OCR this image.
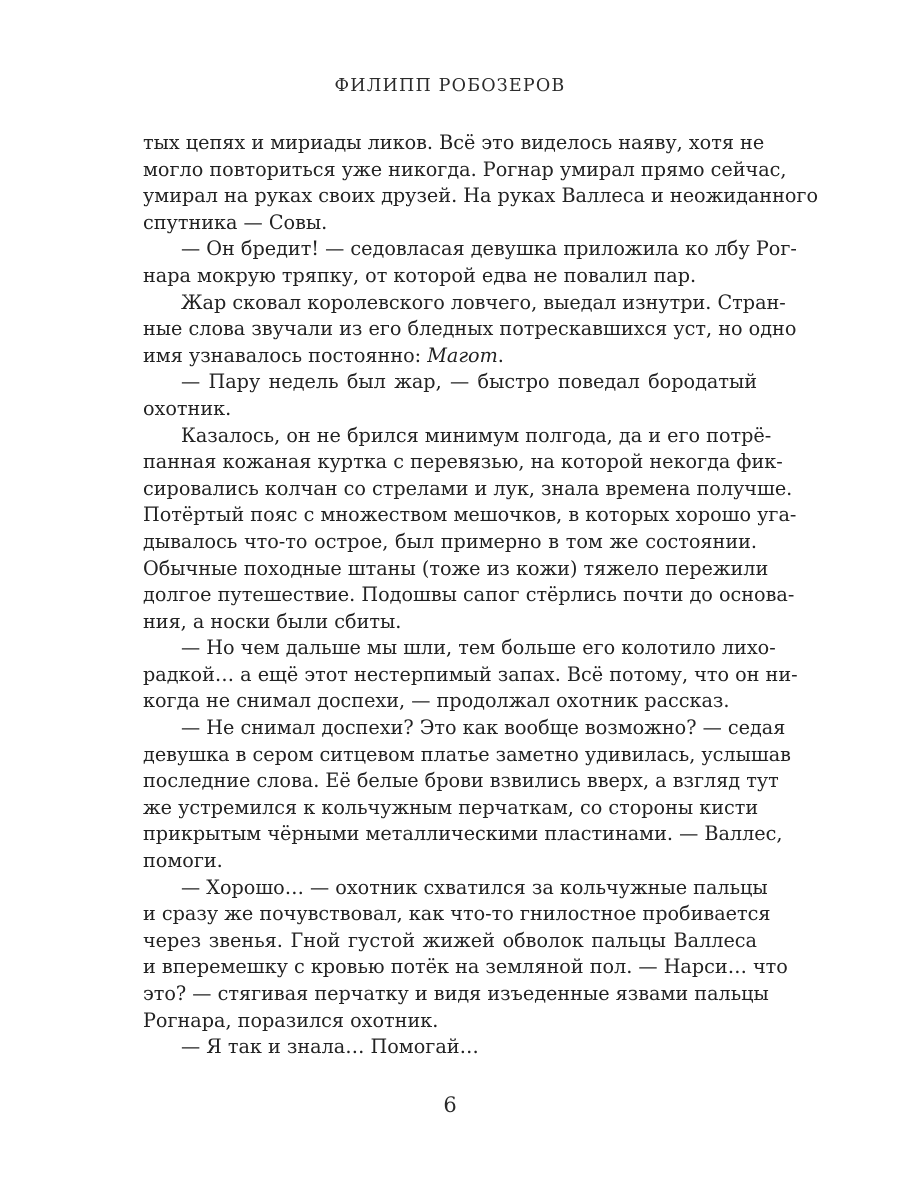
ФИЛИПП РОБОЗЕРОВ
тых цепях и мириады ликов. Всё это виделось наяву, хотя не
могло повториться уже никогда. Рогнар умирал прямо сейчас,
умирал на руках своих друзей. На руках Валлеса и неожиданного
спутника — Совы.
— Он бредит! — седовласая девушка приложила ко лбу Рог-
нара мокрую тряпку, от которой едва не повалил пар.
Жар сковал королевского ловчего, выедал изнутри. Стран-
ные слова звучали из его бледных потрескавшихся уст, но одно
имя узнавалось постоянно: Магот.
— Пару недель был жар, — быстро поведал бородатый
охотник.
Казалось, он не брился минимум полгода, да и его потрё-
панная кожаная куртка с перевязью, на которой некогда фик-
сировались колчан со стрелами и лук, знала времена получше.
Потёртый пояс с множеством мешочков, в которых хорошо уга-
дывалось что-то острое, был примерно в том же состоянии.
Обычные походные штаны (тоже из кожи) тяжело пережили
долгое путешествие. Подошвы сапог стёрлись почти до основа-
ния, а носки были сбиты.
— Но чем дальше мы шли, тем больше его колотило лихо-
радкой… а ещё этот нестерпимый запах. Всё потому, что он ни-
когда не снимал доспехи, — продолжал охотник рассказ.
— Не снимал доспехи? Это как вообще возможно? — седая
девушка в сером ситцевом платье заметно удивилась, услышав
последние слова. Её белые брови взвились вверх, а взгляд тут
же устремился к кольчужным перчаткам, со стороны кисти
прикрытым чёрными металлическими пластинами. — Валлес,
помоги.
— Хорошо… — охотник схватился за кольчужные пальцы
и сразу же почувствовал, как что-то гнилостное пробивается
через звенья. Гной густой жижей обволок пальцы Валлеса
и вперемешку с кровью потёк на земляной пол. — Нарси… что
это? — стягивая перчатку и видя изъеденные язвами пальцы
Рогнара, поразился охотник.
— Я так и знала… Помогай…
6
